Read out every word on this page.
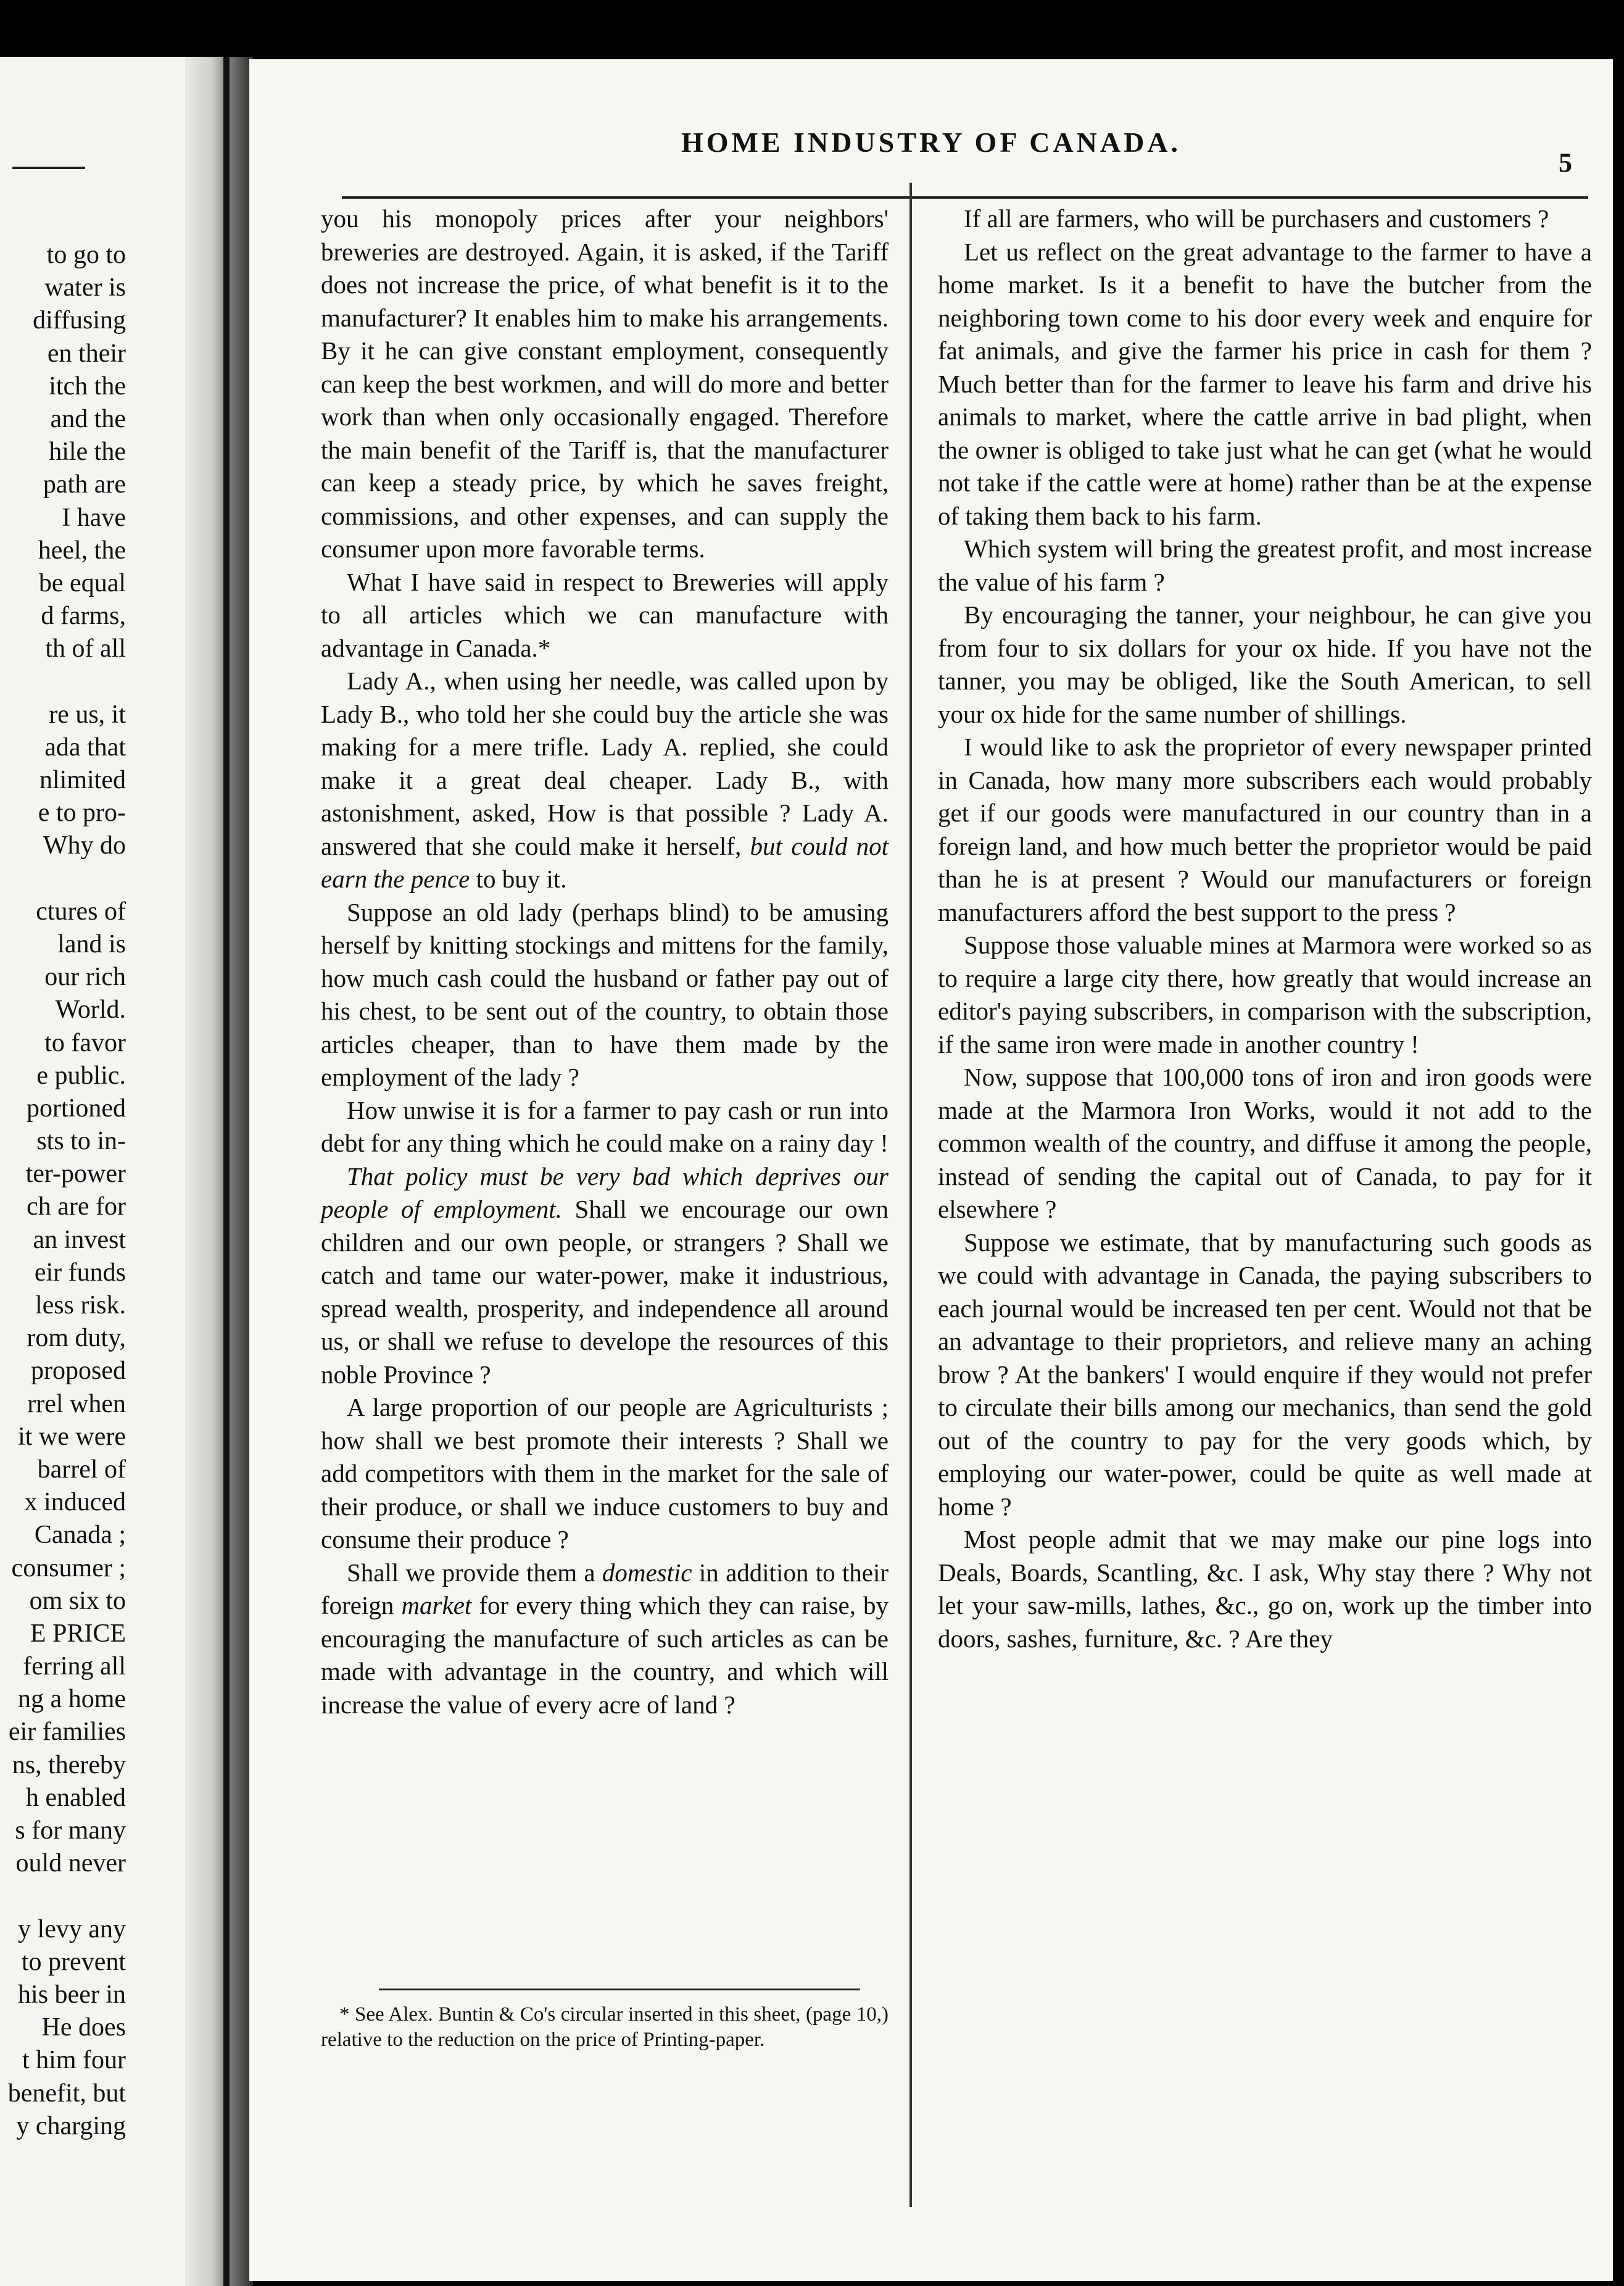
to go to
water is
diffusing
en their
itch the
and the
hile the
path are
I have
heel, the
be equal
d farms,
th of all
re us, it
ada that
nlimited
e to pro-
Why do
ctures of
land is
our rich
World.
to favor
e public.
portioned
sts to in-
ter-power
ch are for
an invest
eir funds
less risk.
rom duty,
proposed
rrel when
it we were
barrel of
x induced
Canada ;
consumer ;
om six to
E PRICE
ferring all
ng a home
eir families
ns, thereby
h enabled
s for many
ould never
y levy any
to prevent
his beer in
He does
t him four
benefit, but
y charging
HOME INDUSTRY OF CANADA.
5

you his monopoly prices after your neighbors' breweries are destroyed. Again, it is asked, if the Tariff does not increase the price, of what benefit is it to the manufacturer? It enables him to make his arrangements. By it he can give constant employment, consequently can keep the best workmen, and will do more and better work than when only occasionally engaged. Therefore the main benefit of the Tariff is, that the manufacturer can keep a steady price, by which he saves freight, commissions, and other expenses, and can supply the consumer upon more favorable terms.

What I have said in respect to Breweries will apply to all articles which we can manufacture with advantage in Canada.*

Lady A., when using her needle, was called upon by Lady B., who told her she could buy the article she was making for a mere trifle. Lady A. replied, she could make it a great deal cheaper. Lady B., with astonishment, asked, How is that possible ? Lady A. answered that she could make it herself, but could not earn the pence to buy it.

Suppose an old lady (perhaps blind) to be amusing herself by knitting stockings and mittens for the family, how much cash could the husband or father pay out of his chest, to be sent out of the country, to obtain those articles cheaper, than to have them made by the employment of the lady ?

How unwise it is for a farmer to pay cash or run into debt for any thing which he could make on a rainy day !

That policy must be very bad which deprives our people of employment. Shall we encourage our own children and our own people, or strangers ? Shall we catch and tame our water-power, make it industrious, spread wealth, prosperity, and independence all around us, or shall we refuse to develope the resources of this noble Province ?

A large proportion of our people are Agriculturists ; how shall we best promote their interests ? Shall we add competitors with them in the market for the sale of their produce, or shall we induce customers to buy and consume their produce ?

Shall we provide them a domestic in addition to their foreign market for every thing which they can raise, by encouraging the manufacture of such articles as can be made with advantage in the country, and which will increase the value of every acre of land ?

* See Alex. Buntin & Co's circular inserted in this sheet, (page 10,) relative to the reduction on the price of Printing-paper.

If all are farmers, who will be purchasers and customers ?

Let us reflect on the great advantage to the farmer to have a home market. Is it a benefit to have the butcher from the neighboring town come to his door every week and enquire for fat animals, and give the farmer his price in cash for them ? Much better than for the farmer to leave his farm and drive his animals to market, where the cattle arrive in bad plight, when the owner is obliged to take just what he can get (what he would not take if the cattle were at home) rather than be at the expense of taking them back to his farm.

Which system will bring the greatest profit, and most increase the value of his farm ?

By encouraging the tanner, your neighbour, he can give you from four to six dollars for your ox hide. If you have not the tanner, you may be obliged, like the South American, to sell your ox hide for the same number of shillings.

I would like to ask the proprietor of every newspaper printed in Canada, how many more subscribers each would probably get if our goods were manufactured in our country than in a foreign land, and how much better the proprietor would be paid than he is at present ? Would our manufacturers or foreign manufacturers afford the best support to the press ?

Suppose those valuable mines at Marmora were worked so as to require a large city there, how greatly that would increase an editor's paying subscribers, in comparison with the subscription, if the same iron were made in another country !

Now, suppose that 100,000 tons of iron and iron goods were made at the Marmora Iron Works, would it not add to the common wealth of the country, and diffuse it among the people, instead of sending the capital out of Canada, to pay for it elsewhere ?

Suppose we estimate, that by manufacturing such goods as we could with advantage in Canada, the paying subscribers to each journal would be increased ten per cent. Would not that be an advantage to their proprietors, and relieve many an aching brow ? At the bankers' I would enquire if they would not prefer to circulate their bills among our mechanics, than send the gold out of the country to pay for the very goods which, by employing our water-power, could be quite as well made at home ?

Most people admit that we may make our pine logs into Deals, Boards, Scantling, &c. I ask, Why stay there ? Why not let your saw-mills, lathes, &c., go on, work up the timber into doors, sashes, furniture, &c. ? Are they
